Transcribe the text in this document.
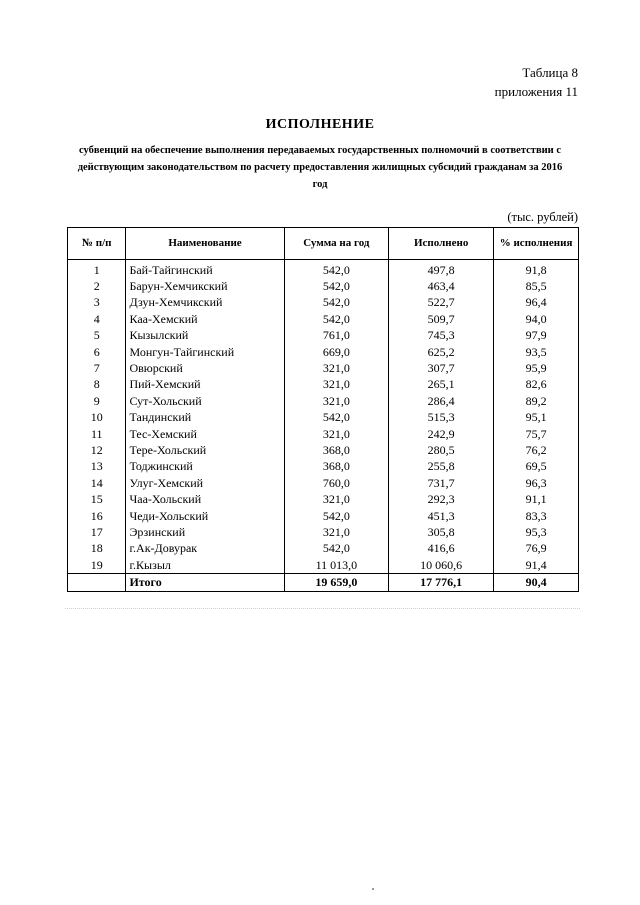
Таблица 8
приложения 11
ИСПОЛНЕНИЕ
субвенций на обеспечение выполнения передаваемых государственных полномочий в соответствии с действующим законодательством по расчету предоставления жилищных субсидий гражданам за 2016 год
(тыс. рублей)
№ п/п	Наименование	Сумма на год	Исполнено	% исполнения
1	Бай-Тайгинский	542,0	497,8	91,8
2	Барун-Хемчикский	542,0	463,4	85,5
3	Дзун-Хемчикский	542,0	522,7	96,4
4	Каа-Хемский	542,0	509,7	94,0
5	Кызылский	761,0	745,3	97,9
6	Монгун-Тайгинский	669,0	625,2	93,5
7	Овюрский	321,0	307,7	95,9
8	Пий-Хемский	321,0	265,1	82,6
9	Сут-Хольский	321,0	286,4	89,2
10	Тандинский	542,0	515,3	95,1
11	Тес-Хемский	321,0	242,9	75,7
12	Тере-Хольский	368,0	280,5	76,2
13	Тоджинский	368,0	255,8	69,5
14	Улуг-Хемский	760,0	731,7	96,3
15	Чаа-Хольский	321,0	292,3	91,1
16	Чеди-Хольский	542,0	451,3	83,3
17	Эрзинский	321,0	305,8	95,3
18	г.Ак-Довурак	542,0	416,6	76,9
19	г.Кызыл	11 013,0	10 060,6	91,4
	Итого	19 659,0	17 776,1	90,4
